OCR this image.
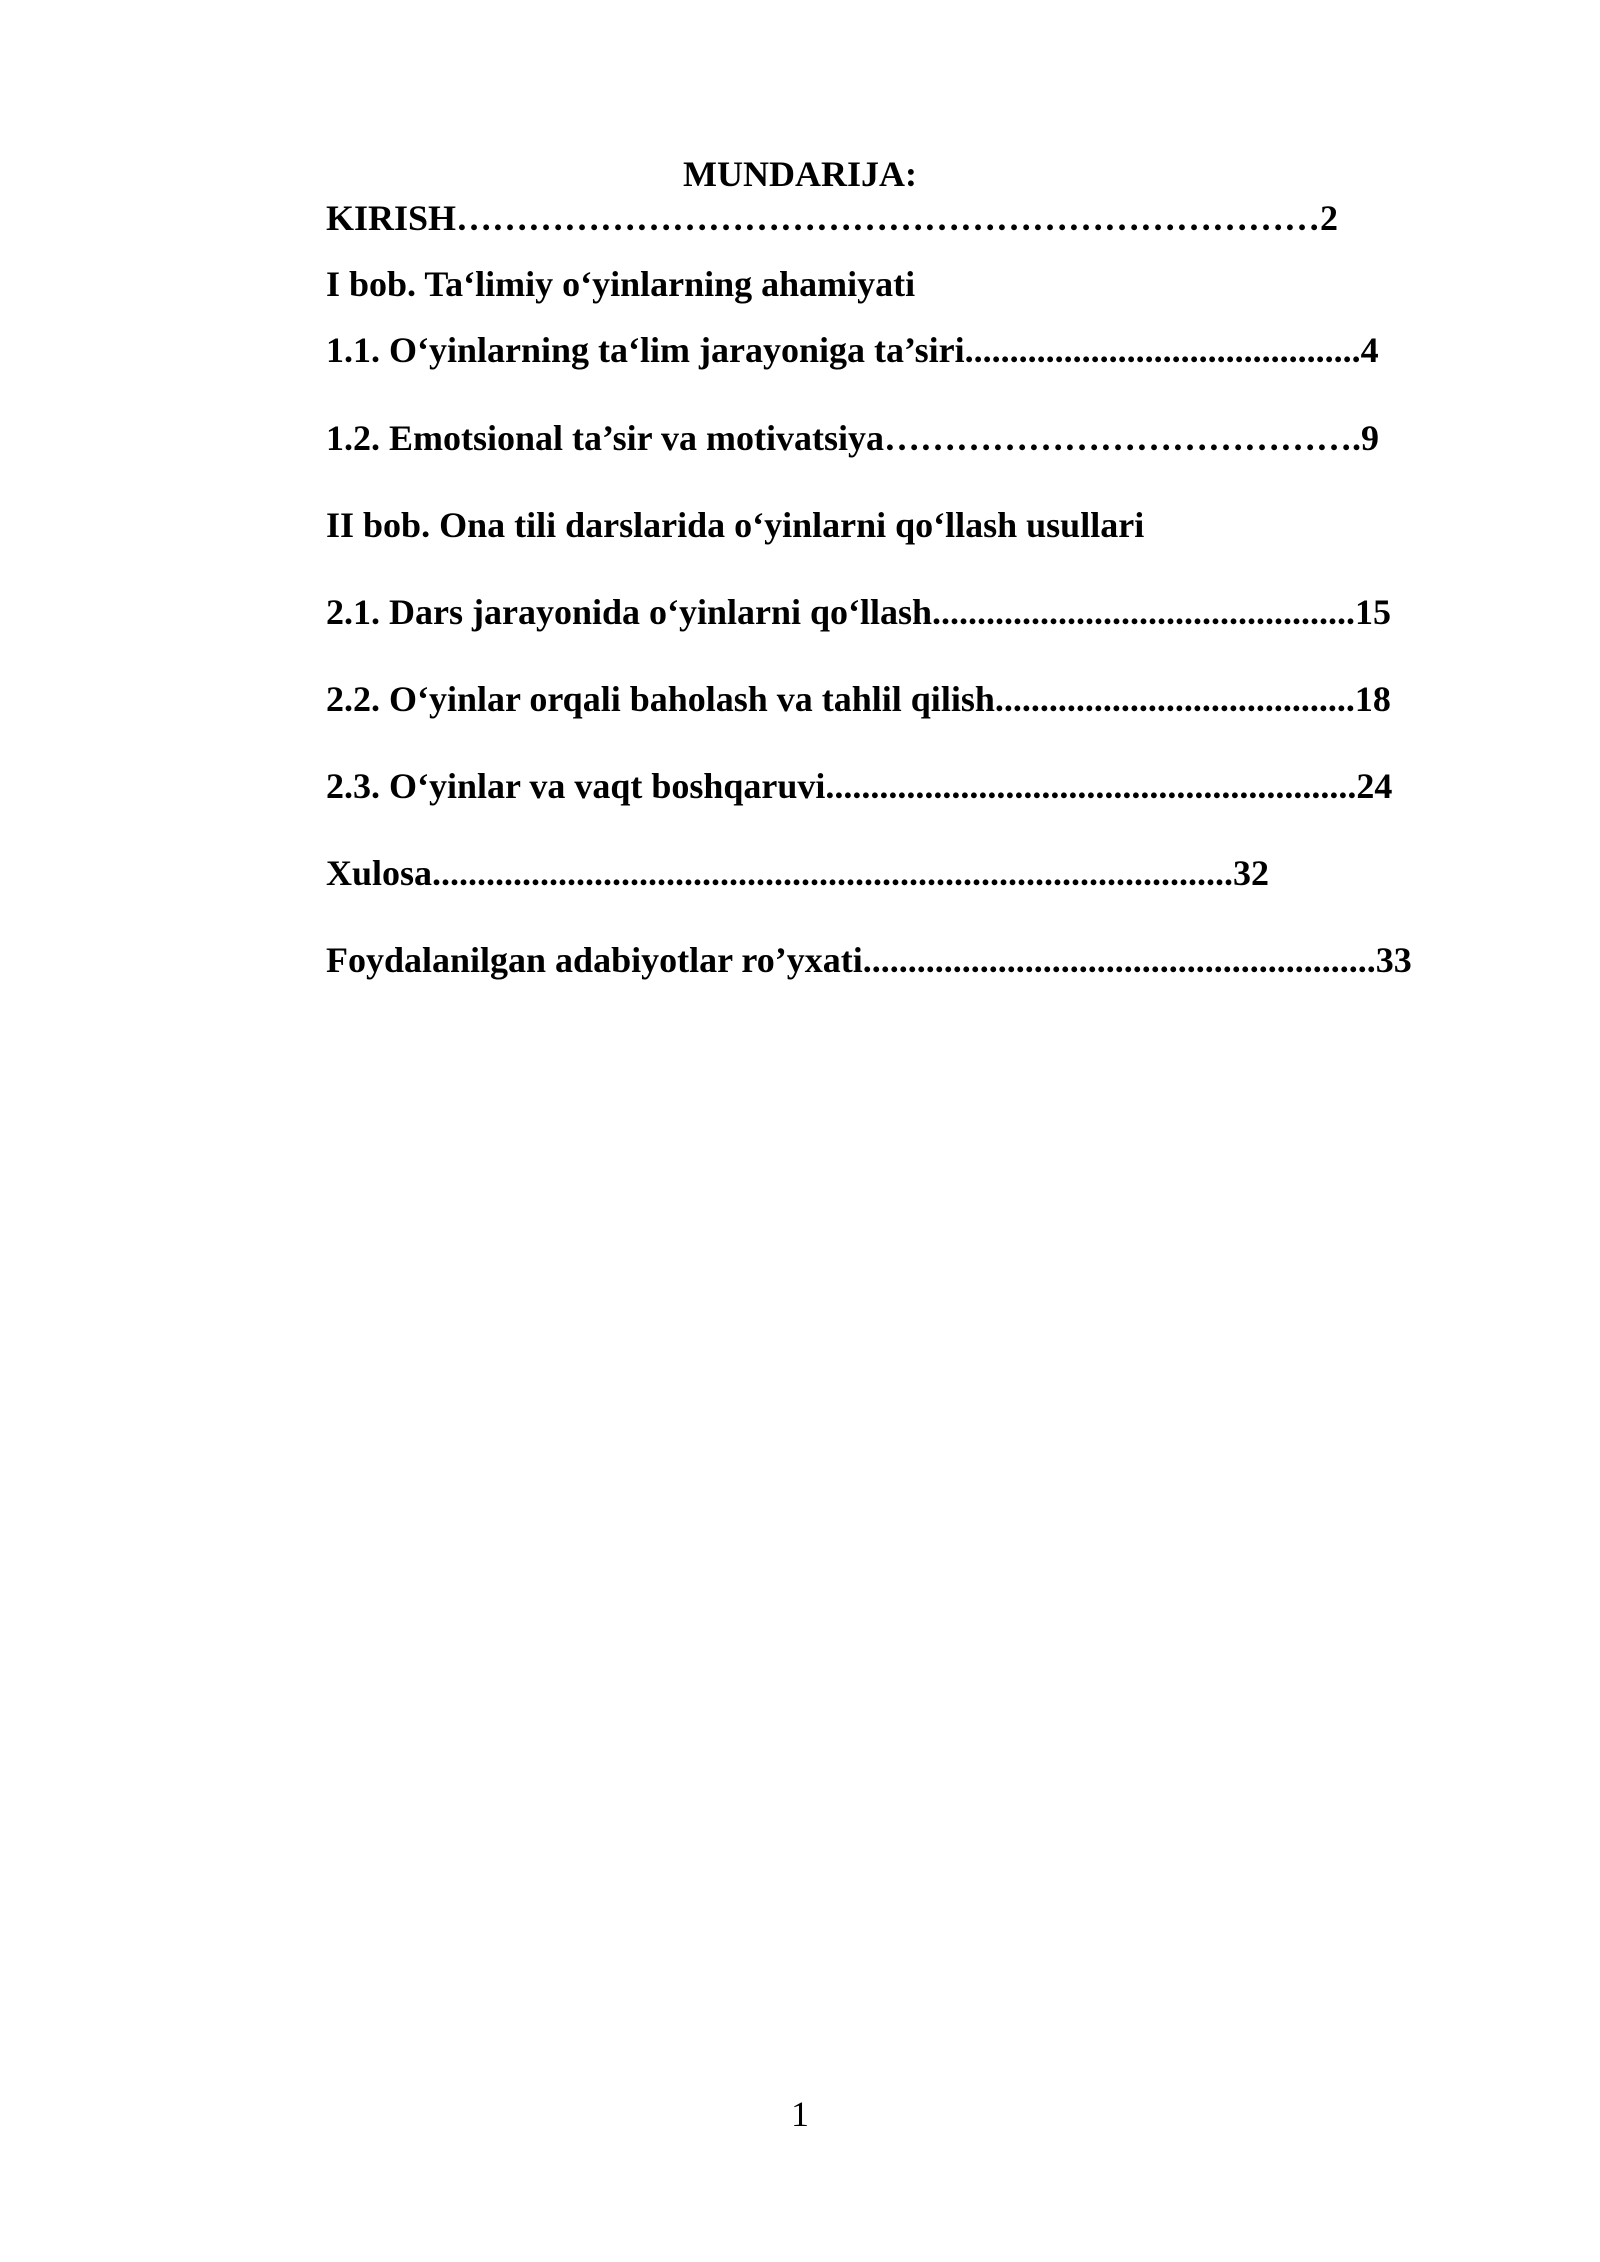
MUNDARIJA:
KIRISH………………………………………………………………2
I bob. Ta‘limiy o‘yinlarning ahamiyati
1.1. O‘yinlarning ta‘lim jarayoniga ta’siri............................................4
1.2. Emotsional ta’sir va motivatsiya………………………………….9
II bob. Ona tili darslarida o‘yinlarni qo‘llash usullari
2.1. Dars jarayonida o‘yinlarni qo‘llash...............................................15
2.2. O‘yinlar orqali baholash va tahlil qilish........................................18
2.3. O‘yinlar va vaqt boshqaruvi...........................................................24
Xulosa.........................................................................................32
Foydalanilgan adabiyotlar ro’yxati.........................................................33
1
